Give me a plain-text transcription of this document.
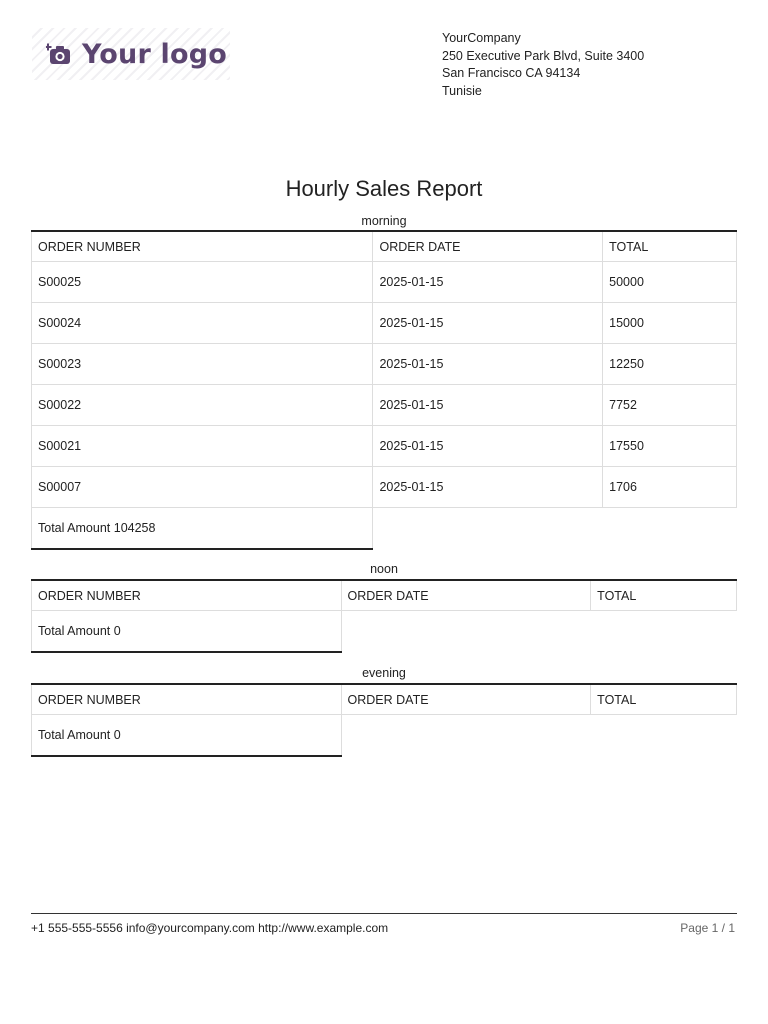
Your logo
YourCompany
250 Executive Park Blvd, Suite 3400
San Francisco CA 94134
Tunisie
Hourly Sales Report
morning
ORDER NUMBER	ORDER DATE	TOTAL
S00025	2025-01-15	50000
S00024	2025-01-15	15000
S00023	2025-01-15	12250
S00022	2025-01-15	7752
S00021	2025-01-15	17550
S00007	2025-01-15	1706
Total Amount 104258		
noon
ORDER NUMBER	ORDER DATE	TOTAL
Total Amount 0		
evening
ORDER NUMBER	ORDER DATE	TOTAL
Total Amount 0		
+1 555-555-5556 info@yourcompany.com http://www.example.com	Page 1 / 1
